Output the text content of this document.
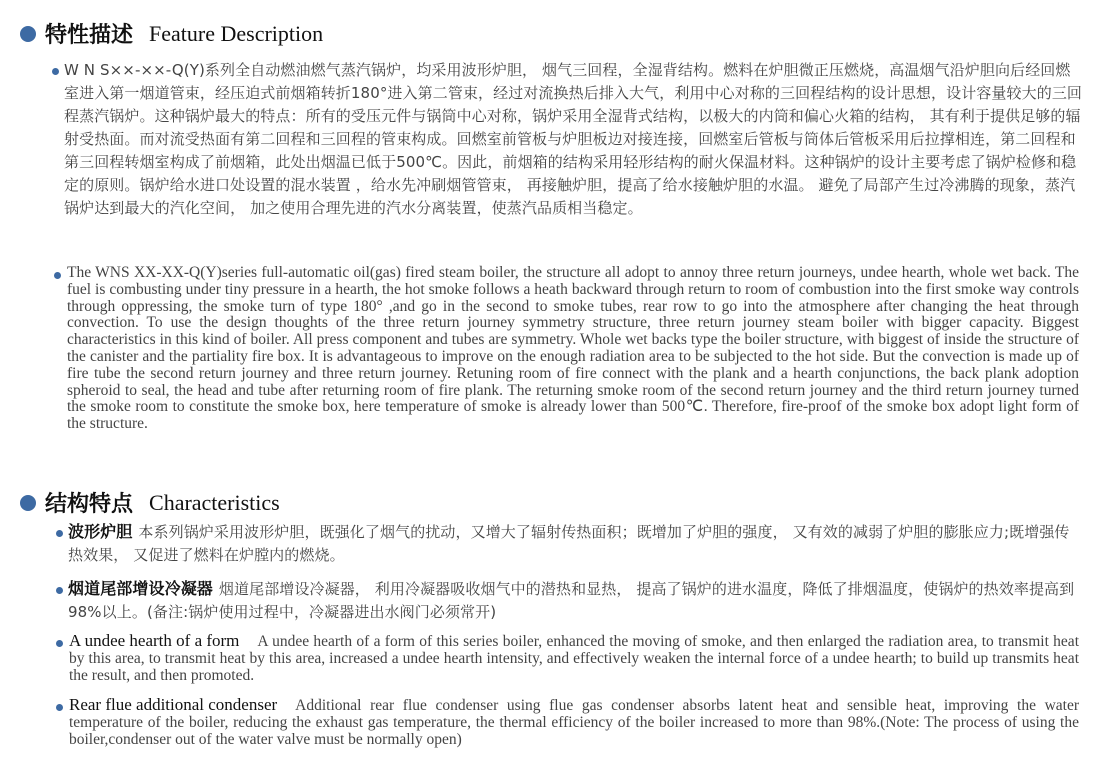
特性描述 Feature Description
W N S××-××-Q(Y)系列全自动燃油燃气蒸汽锅炉，均采用波形炉胆， 烟气三回程，全湿背结构。燃料在炉胆微正压燃烧，高温烟气沿炉胆向后经回燃室进入第一烟道管束，经压迫式前烟箱转折180°进入第二管束，经过对流换热后排入大气，利用中心对称的三回程结构的设计思想，设计容量较大的三回程蒸汽锅炉。这种锅炉最大的特点：所有的受压元件与锅筒中心对称，锅炉采用全湿背式结构，以极大的内筒和偏心火箱的结构， 其有利于提供足够的辐射受热面。而对流受热面有第二回程和三回程的管束构成。回燃室前管板与炉胆板边对接连接，回燃室后管板与筒体后管板采用后拉撑相连，第二回程和第三回程转烟室构成了前烟箱，此处出烟温已低于500℃。因此，前烟箱的结构采用轻形结构的耐火保温材料。这种锅炉的设计主要考虑了锅炉检修和稳定的原则。锅炉给水进口处设置的混水装置 ，给水先冲刷烟管管束， 再接触炉胆，提高了给水接触炉胆的水温。 避免了局部产生过冷沸腾的现象，蒸汽锅炉达到最大的汽化空间， 加之使用合理先进的汽水分离装置，使蒸汽品质相当稳定。
The WNS XX-XX-Q(Y)series full-automatic oil(gas) fired steam boiler, the structure all adopt to annoy three return journeys, undee hearth, whole wet back. The fuel is combusting under tiny pressure in a hearth, the hot smoke follows a heath backward through return to room of combustion into the first smoke way controls through oppressing, the smoke turn of type 180° ,and go in the second to smoke tubes, rear row to go into the atmosphere after changing the heat through convection. To use the design thoughts of the three return journey symmetry structure, three return journey steam boiler with bigger capacity. Biggest characteristics in this kind of boiler. All press component and tubes are symmetry. Whole wet backs type the boiler structure, with biggest of inside the structure of the canister and the partiality fire box. It is advantageous to improve on the enough radiation area to be subjected to the hot side. But the convection is made up of fire tube the second return journey and three return journey. Retuning room of fire connect with the plank and a hearth conjunctions, the back plank adoption spheroid to seal, the head and tube after returning room of fire plank. The returning smoke room of the second return journey and the third return journey turned the smoke room to constitute the smoke box, here temperature of smoke is already lower than 500℃. Therefore, fire-proof of the smoke box adopt light form of the structure.
结构特点 Characteristics
波形炉胆 本系列锅炉采用波形炉胆，既强化了烟气的扰动，又增大了辐射传热面积；既增加了炉胆的强度， 又有效的减弱了炉胆的膨胀应力;既增强传热效果， 又促进了燃料在炉膛内的燃烧。
烟道尾部增设冷凝器 烟道尾部增设冷凝器， 利用冷凝器吸收烟气中的潜热和显热， 提高了锅炉的进水温度，降低了排烟温度，使锅炉的热效率提高到98%以上。(备注:锅炉使用过程中，冷凝器进出水阀门必须常开)
A undee hearth of a form A undee hearth of a form of this series boiler, enhanced the moving of smoke, and then enlarged the radiation area, to transmit heat by this area, to transmit heat by this area, increased a undee hearth intensity, and effectively weaken the internal force of a undee hearth; to build up transmits heat the result, and then promoted.
Rear flue additional condenser Additional rear flue condenser using flue gas condenser absorbs latent heat and sensible heat, improving the water temperature of the boiler, reducing the exhaust gas temperature, the thermal efficiency of the boiler increased to more than 98%.(Note: The process of using the boiler,condenser out of the water valve must be normally open)
